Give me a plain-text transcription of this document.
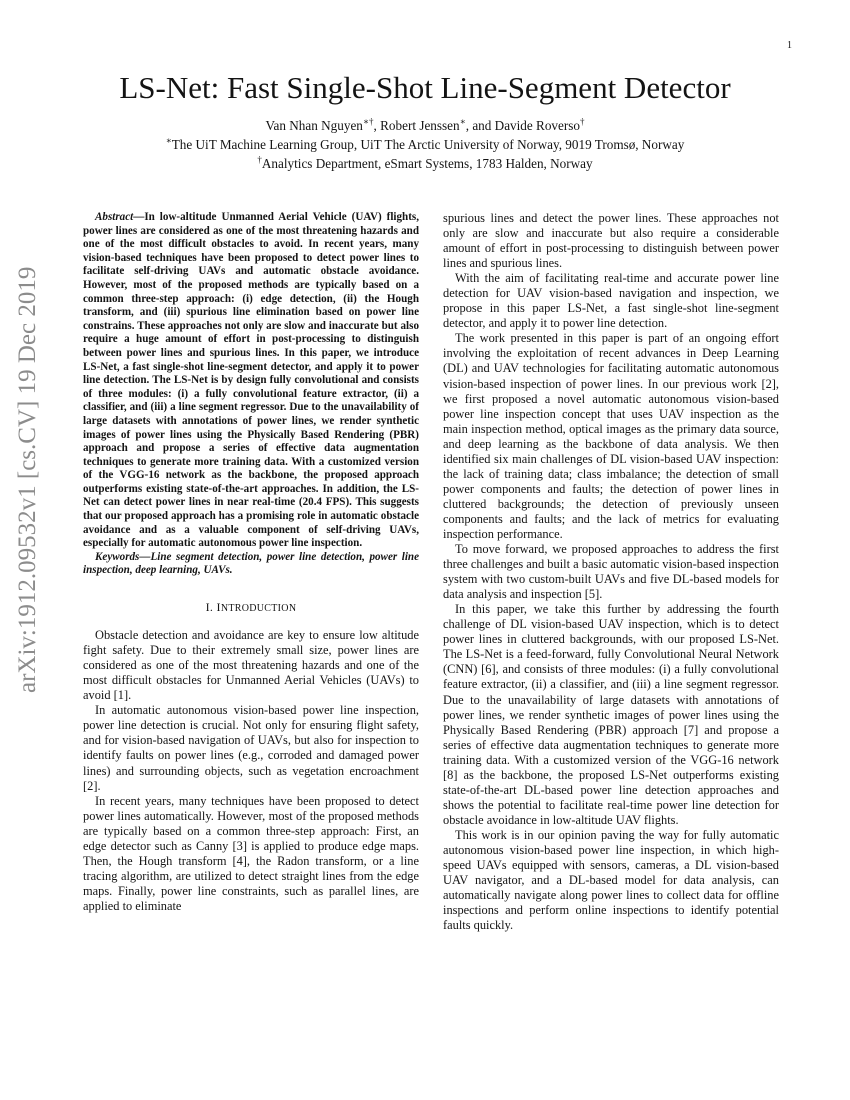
1
arXiv:1912.09532v1 [cs.CV] 19 Dec 2019
LS-Net: Fast Single-Shot Line-Segment Detector
Van Nhan Nguyen∗†, Robert Jenssen∗, and Davide Roverso†
∗The UiT Machine Learning Group, UiT The Arctic University of Norway, 9019 Tromsø, Norway
†Analytics Department, eSmart Systems, 1783 Halden, Norway

Abstract—In low-altitude Unmanned Aerial Vehicle (UAV) flights, power lines are considered as one of the most threatening hazards and one of the most difficult obstacles to avoid. In recent years, many vision-based techniques have been proposed to detect power lines to facilitate self-driving UAVs and automatic obstacle avoidance. However, most of the proposed methods are typically based on a common three-step approach: (i) edge detection, (ii) the Hough transform, and (iii) spurious line elimination based on power line constrains. These approaches not only are slow and inaccurate but also require a huge amount of effort in post-processing to distinguish between power lines and spurious lines. In this paper, we introduce LS-Net, a fast single-shot line-segment detector, and apply it to power line detection. The LS-Net is by design fully convolutional and consists of three modules: (i) a fully convolutional feature extractor, (ii) a classifier, and (iii) a line segment regressor. Due to the unavailability of large datasets with annotations of power lines, we render synthetic images of power lines using the Physically Based Rendering (PBR) approach and propose a series of effective data augmentation techniques to generate more training data. With a customized version of the VGG-16 network as the backbone, the proposed approach outperforms existing state-of-the-art approaches. In addition, the LS-Net can detect power lines in near real-time (20.4 FPS). This suggests that our proposed approach has a promising role in automatic obstacle avoidance and as a valuable component of self-driving UAVs, especially for automatic autonomous power line inspection.

Keywords—Line segment detection, power line detection, power line inspection, deep learning, UAVs.

I. INTRODUCTION

Obstacle detection and avoidance are key to ensure low altitude fight safety. Due to their extremely small size, power lines are considered as one of the most threatening hazards and one of the most difficult obstacles for Unmanned Aerial Vehicles (UAVs) to avoid [1].

In automatic autonomous vision-based power line inspection, power line detection is crucial. Not only for ensuring flight safety, and for vision-based navigation of UAVs, but also for inspection to identify faults on power lines (e.g., corroded and damaged power lines) and surrounding objects, such as vegetation encroachment [2].

In recent years, many techniques have been proposed to detect power lines automatically. However, most of the proposed methods are typically based on a common three-step approach: First, an edge detector such as Canny [3] is applied to produce edge maps. Then, the Hough transform [4], the Radon transform, or a line tracing algorithm, are utilized to detect straight lines from the edge maps. Finally, power line constraints, such as parallel lines, are applied to eliminate

spurious lines and detect the power lines. These approaches not only are slow and inaccurate but also require a considerable amount of effort in post-processing to distinguish between power lines and spurious lines.

With the aim of facilitating real-time and accurate power line detection for UAV vision-based navigation and inspection, we propose in this paper LS-Net, a fast single-shot line-segment detector, and apply it to power line detection.

The work presented in this paper is part of an ongoing effort involving the exploitation of recent advances in Deep Learning (DL) and UAV technologies for facilitating automatic autonomous vision-based inspection of power lines. In our previous work [2], we first proposed a novel automatic autonomous vision-based power line inspection concept that uses UAV inspection as the main inspection method, optical images as the primary data source, and deep learning as the backbone of data analysis. We then identified six main challenges of DL vision-based UAV inspection: the lack of training data; class imbalance; the detection of small power components and faults; the detection of power lines in cluttered backgrounds; the detection of previously unseen components and faults; and the lack of metrics for evaluating inspection performance.

To move forward, we proposed approaches to address the first three challenges and built a basic automatic vision-based inspection system with two custom-built UAVs and five DL-based models for data analysis and inspection [5].

In this paper, we take this further by addressing the fourth challenge of DL vision-based UAV inspection, which is to detect power lines in cluttered backgrounds, with our proposed LS-Net. The LS-Net is a feed-forward, fully Convolutional Neural Network (CNN) [6], and consists of three modules: (i) a fully convolutional feature extractor, (ii) a classifier, and (iii) a line segment regressor. Due to the unavailability of large datasets with annotations of power lines, we render synthetic images of power lines using the Physically Based Rendering (PBR) approach [7] and propose a series of effective data augmentation techniques to generate more training data. With a customized version of the VGG-16 network [8] as the backbone, the proposed LS-Net outperforms existing state-of-the-art DL-based power line detection approaches and shows the potential to facilitate real-time power line detection for obstacle avoidance in low-altitude UAV flights.

This work is in our opinion paving the way for fully automatic autonomous vision-based power line inspection, in which high-speed UAVs equipped with sensors, cameras, a DL vision-based UAV navigator, and a DL-based model for data analysis, can automatically navigate along power lines to collect data for offline inspections and perform online inspections to identify potential faults quickly.
